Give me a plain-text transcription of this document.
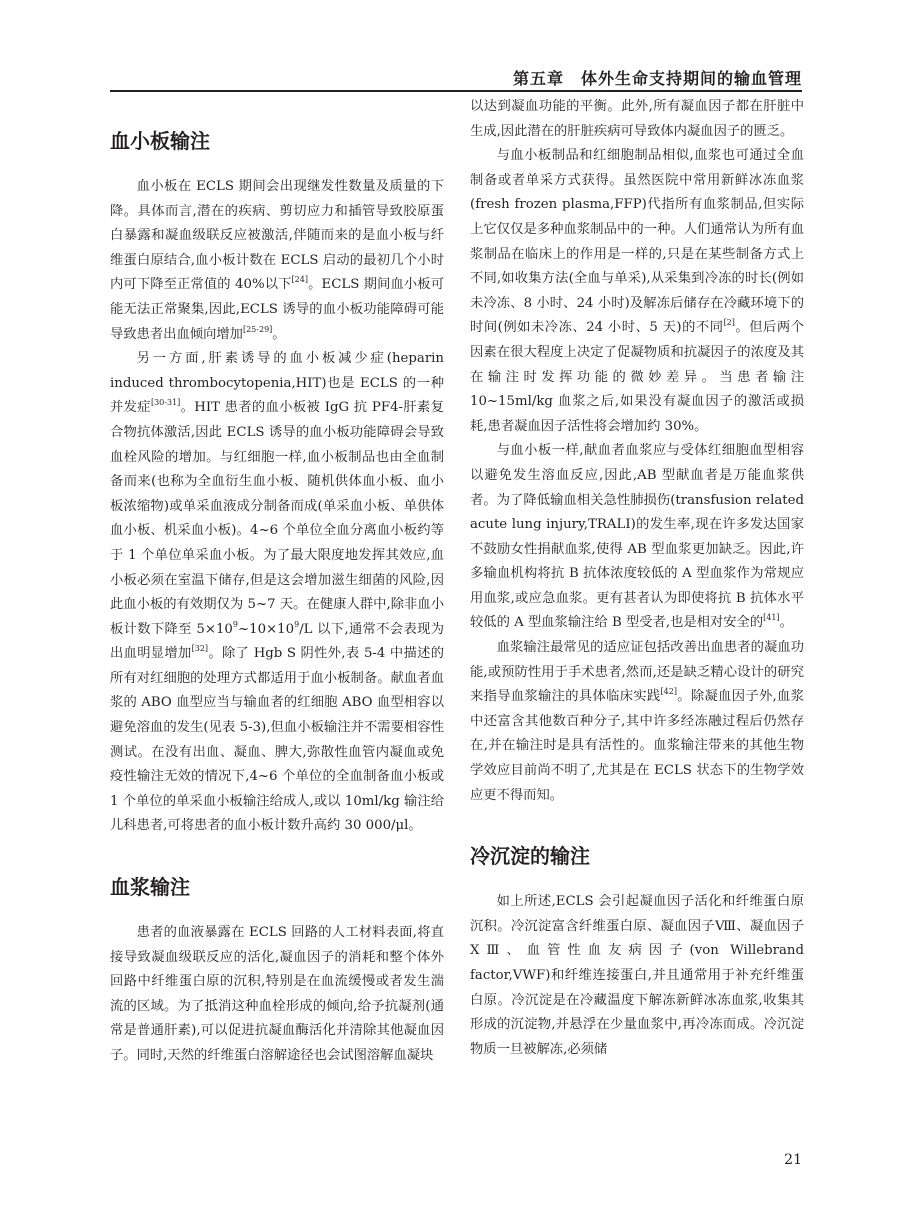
第五章　体外生命支持期间的输血管理
血小板输注

血小板在 ECLS 期间会出现继发性数量及质量的下降。具体而言,潜在的疾病、剪切应力和插管导致胶原蛋白暴露和凝血级联反应被激活,伴随而来的是血小板与纤维蛋白原结合,血小板计数在 ECLS 启动的最初几个小时内可下降至正常值的 40%以下[24]。ECLS 期间血小板可能无法正常聚集,因此,ECLS 诱导的血小板功能障碍可能导致患者出血倾向增加[25-29]。

另一方面,肝素诱导的血小板减少症(heparin induced thrombocytopenia,HIT)也是 ECLS 的一种并发症[30-31]。HIT 患者的血小板被 IgG 抗 PF4-肝素复合物抗体激活,因此 ECLS 诱导的血小板功能障碍会导致血栓风险的增加。与红细胞一样,血小板制品也由全血制备而来(也称为全血衍生血小板、随机供体血小板、血小板浓缩物)或单采血液成分制备而成(单采血小板、单供体血小板、机采血小板)。4~6 个单位全血分离血小板约等于 1 个单位单采血小板。为了最大限度地发挥其效应,血小板必须在室温下储存,但是这会增加滋生细菌的风险,因此血小板的有效期仅为 5~7 天。在健康人群中,除非血小板计数下降至 $5\times 10^9\sim 10\times 10^9/L$ 以下,通常不会表现为出血明显增加[32]。除了 Hgb S 阴性外,表 5-4 中描述的所有对红细胞的处理方式都适用于血小板制备。献血者血浆的 ABO 血型应当与输血者的红细胞 ABO 血型相容以避免溶血的发生(见表 5-3),但血小板输注并不需要相容性测试。在没有出血、凝血、脾大,弥散性血管内凝血或免疫性输注无效的情况下,4~6 个单位的全血制备血小板或 1 个单位的单采血小板输注给成人,或以 10ml/kg 输注给儿科患者,可将患者的血小板计数升高约 30 000/μl。

血浆输注

患者的血液暴露在 ECLS 回路的人工材料表面,将直接导致凝血级联反应的活化,凝血因子的消耗和整个体外回路中纤维蛋白原的沉积,特别是在血流缓慢或者发生湍流的区域。为了抵消这种血栓形成的倾向,给予抗凝剂(通常是普通肝素),可以促进抗凝血酶活化并清除其他凝血因子。同时,天然的纤维蛋白溶解途径也会试图溶解血凝块

以达到凝血功能的平衡。此外,所有凝血因子都在肝脏中生成,因此潜在的肝脏疾病可导致体内凝血因子的匮乏。

与血小板制品和红细胞制品相似,血浆也可通过全血制备或者单采方式获得。虽然医院中常用新鲜冰冻血浆(fresh frozen plasma,FFP)代指所有血浆制品,但实际上它仅仅是多种血浆制品中的一种。人们通常认为所有血浆制品在临床上的作用是一样的,只是在某些制备方式上不同,如收集方法(全血与单采),从采集到冷冻的时长(例如未冷冻、8 小时、24 小时)及解冻后储存在冷藏环境下的时间(例如未冷冻、24 小时、5 天)的不同[2]。但后两个因素在很大程度上决定了促凝物质和抗凝因子的浓度及其在输注时发挥功能的微妙差异。当患者输注 10~15ml/kg 血浆之后,如果没有凝血因子的激活或损耗,患者凝血因子活性将会增加约 30%。

与血小板一样,献血者血浆应与受体红细胞血型相容以避免发生溶血反应,因此,AB 型献血者是万能血浆供者。为了降低输血相关急性肺损伤(transfusion related acute lung injury,TRALI)的发生率,现在许多发达国家不鼓励女性捐献血浆,使得 AB 型血浆更加缺乏。因此,许多输血机构将抗 B 抗体浓度较低的 A 型血浆作为常规应用血浆,或应急血浆。更有甚者认为即使将抗 B 抗体水平较低的 A 型血浆输注给 B 型受者,也是相对安全的[41]。

血浆输注最常见的适应证包括改善出血患者的凝血功能,或预防性用于手术患者,然而,还是缺乏精心设计的研究来指导血浆输注的具体临床实践[42]。除凝血因子外,血浆中还富含其他数百种分子,其中许多经冻融过程后仍然存在,并在输注时是具有活性的。血浆输注带来的其他生物学效应目前尚不明了,尤其是在 ECLS 状态下的生物学效应更不得而知。

冷沉淀的输注

如上所述,ECLS 会引起凝血因子活化和纤维蛋白原沉积。冷沉淀富含纤维蛋白原、凝血因子Ⅷ、凝血因子ⅩⅢ、血管性血友病因子(von Willebrand factor,VWF)和纤维连接蛋白,并且通常用于补充纤维蛋白原。冷沉淀是在冷藏温度下解冻新鲜冰冻血浆,收集其形成的沉淀物,并悬浮在少量血浆中,再冷冻而成。冷沉淀物质一旦被解冻,必须储

21
